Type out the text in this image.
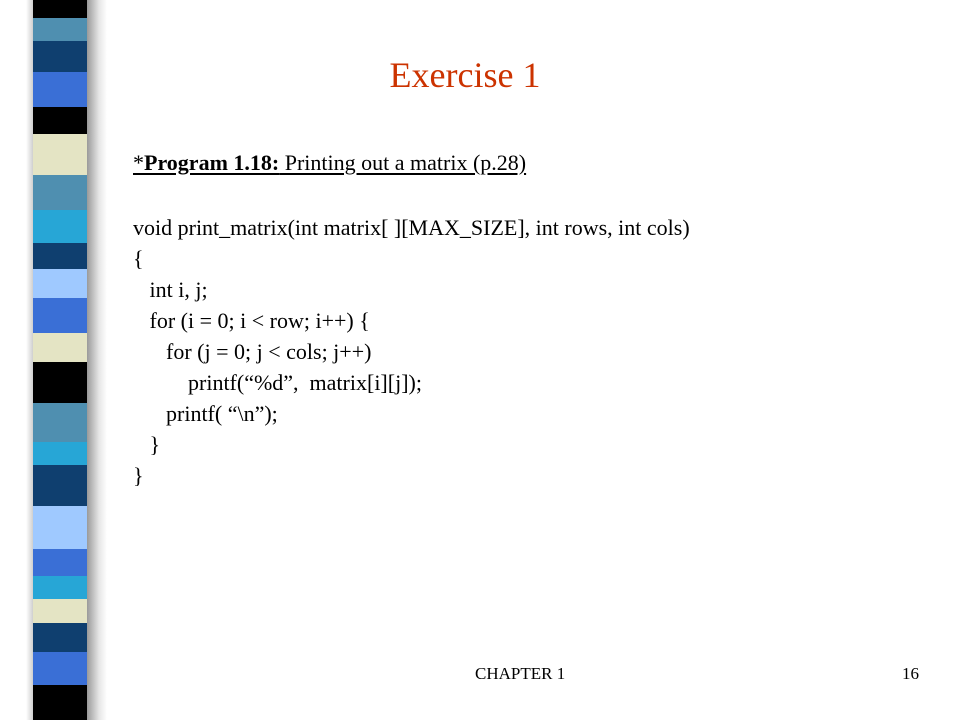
Exercise 1
*Program 1.18: Printing out a matrix (p.28)
void print_matrix(int matrix[ ][MAX_SIZE], int rows, int cols)
{
int i, j;
for (i = 0; i < row; i++) {
for (j = 0; j < cols; j++)
printf(“%d”,  matrix[i][j]);
printf( “\n”);
}
}
CHAPTER 1	16
